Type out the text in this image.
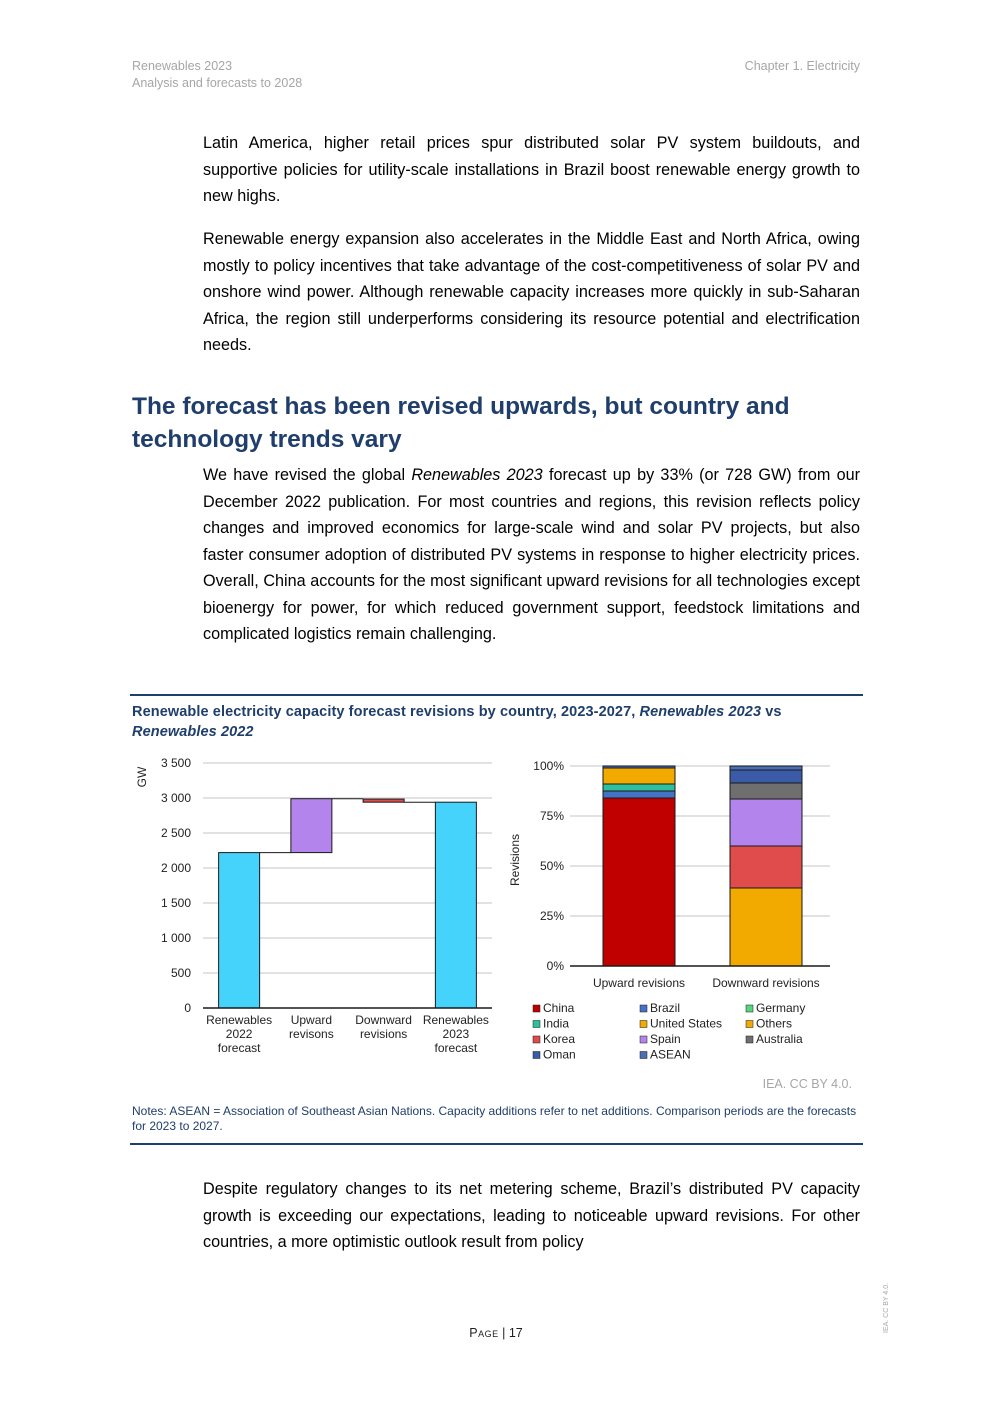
Renewables 2023
Analysis and forecasts to 2028
Chapter 1. Electricity

Latin America, higher retail prices spur distributed solar PV system buildouts, and supportive policies for utility-scale installations in Brazil boost renewable energy growth to new highs.

Renewable energy expansion also accelerates in the Middle East and North Africa, owing mostly to policy incentives that take advantage of the cost-competitiveness of solar PV and onshore wind power. Although renewable capacity increases more quickly in sub-Saharan Africa, the region still underperforms considering its resource potential and electrification needs.

The forecast has been revised upwards, but country and technology trends vary

We have revised the global Renewables 2023 forecast up by 33% (or 728 GW) from our December 2022 publication. For most countries and regions, this revision reflects policy changes and improved economics for large-scale wind and solar PV projects, but also faster consumer adoption of distributed PV systems in response to higher electricity prices. Overall, China accounts for the most significant upward revisions for all technologies except bioenergy for power, for which reduced government support, feedstock limitations and complicated logistics remain challenging.

Renewable electricity capacity forecast revisions by country, 2023-2027, Renewables 2023 vs Renewables 2022
0
500
1 000
1 500
2 000
2 500
3 000
3 500
GW
Renewables
2022
forecast
Upward
revisons
Downward
revisions
Renewables
2023
forecast
0%
25%
50%
75%
100%
Revisions
Upward revisions Downward revisions
China	Brazil	Germany
India	United States	Others
Korea	Spain	Australia
Oman	ASEAN
IEA. CC BY 4.0.
Notes: ASEAN = Association of Southeast Asian Nations. Capacity additions refer to net additions. Comparison periods are the forecasts for 2023 to 2027.

Despite regulatory changes to its net metering scheme, Brazil’s distributed PV capacity growth is exceeding our expectations, leading to noticeable upward revisions. For other countries, a more optimistic outlook result from policy

IEA. CC BY 4.0.
Page | 17
